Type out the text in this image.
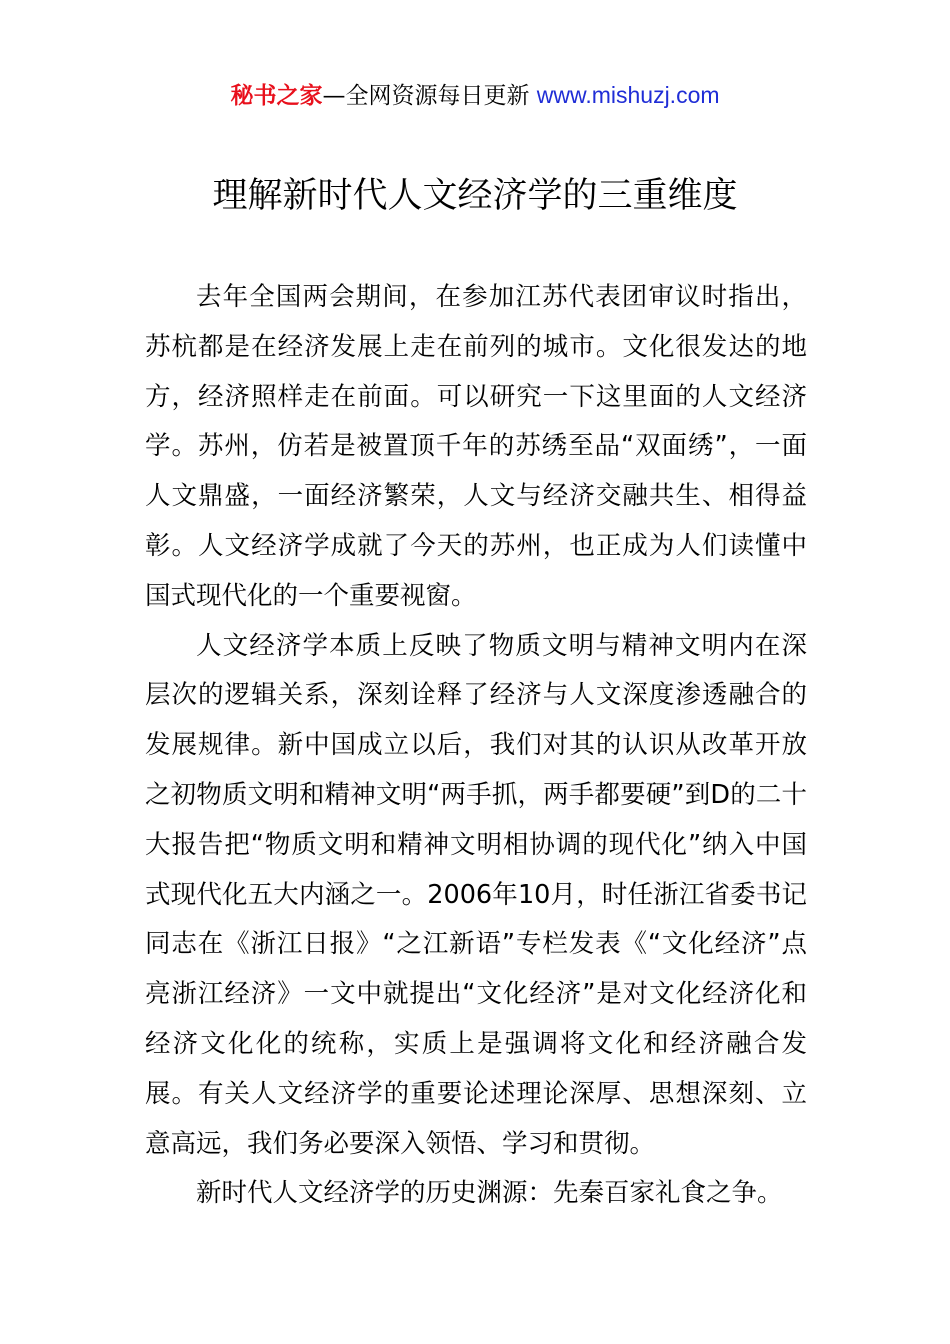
秘书之家—全网资源每日更新 www.mishuzj.com
理解新时代人文经济学的三重维度

去年全国两会期间，在参加江苏代表团审议时指出，苏杭都是在经济发展上走在前列的城市。文化很发达的地方，经济照样走在前面。可以研究一下这里面的人文经济学。苏州，仿若是被置顶千年的苏绣至品“双面绣”，一面人文鼎盛，一面经济繁荣，人文与经济交融共生、相得益彰。人文经济学成就了今天的苏州，也正成为人们读懂中国式现代化的一个重要视窗。

人文经济学本质上反映了物质文明与精神文明内在深层次的逻辑关系，深刻诠释了经济与人文深度渗透融合的发展规律。新中国成立以后，我们对其的认识从改革开放之初物质文明和精神文明“两手抓，两手都要硬”到D的二十大报告把“物质文明和精神文明相协调的现代化”纳入中国式现代化五大内涵之一。2006年10月，时任浙江省委书记同志在《浙江日报》“之江新语”专栏发表《“文化经济”点亮浙江经济》一文中就提出“文化经济”是对文化经济化和经济文化化的统称，实质上是强调将文化和经济融合发展。有关人文经济学的重要论述理论深厚、思想深刻、立意高远，我们务必要深入领悟、学习和贯彻。

新时代人文经济学的历史渊源：先秦百家礼食之争。
